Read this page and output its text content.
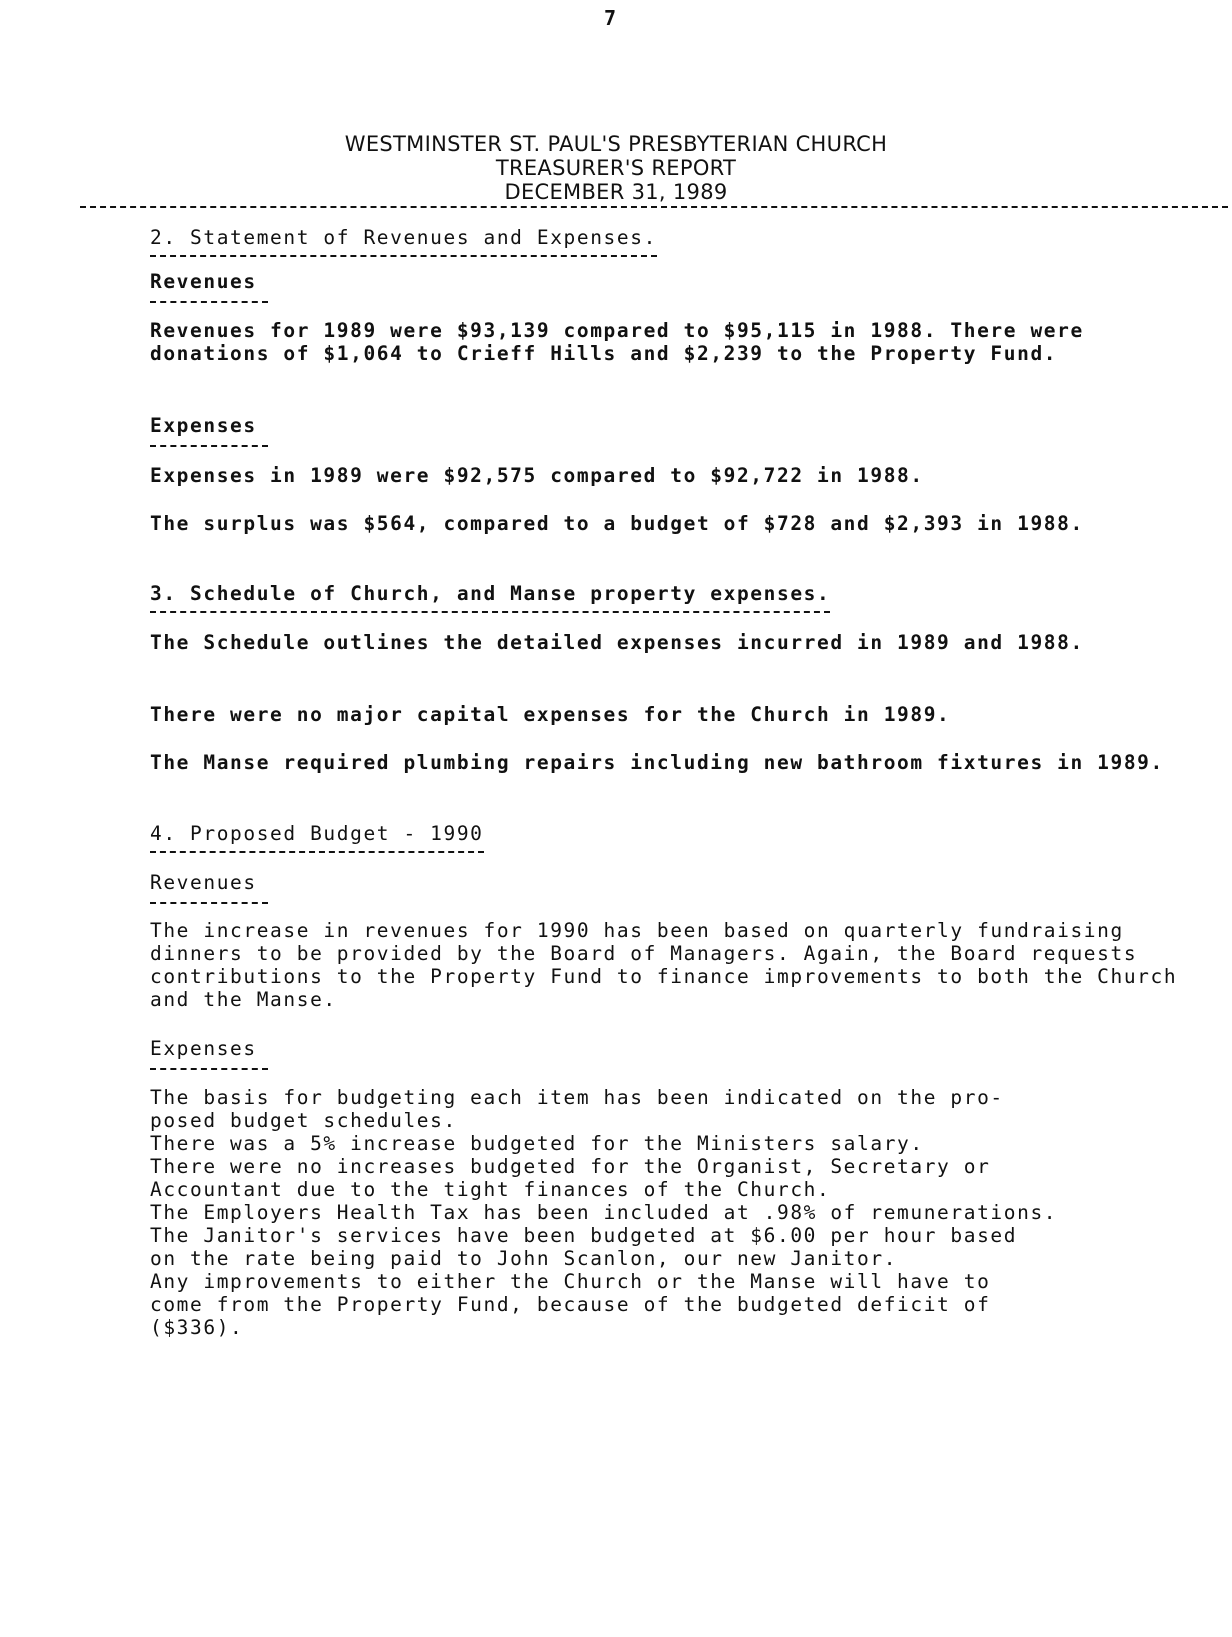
7
WESTMINSTER ST. PAUL'S PRESBYTERIAN CHURCH
TREASURER'S REPORT
DECEMBER 31, 1989
2. Statement of Revenues and Expenses.
Revenues

Revenues for 1989 were $93,139 compared to $95,115 in 1988. There were donations of $1,064 to Crieff Hills and $2,239 to the Property Fund.

Expenses

Expenses in 1989 were $92,575 compared to $92,722 in 1988.

The surplus was $564, compared to a budget of $728 and $2,393 in 1988.

3. Schedule of Church, and Manse property expenses.

The Schedule outlines the detailed expenses incurred in 1989 and 1988.

There were no major capital expenses for the Church in 1989.

The Manse required plumbing repairs including new bathroom fixtures in 1989.

4. Proposed Budget - 1990
Revenues

The increase in revenues for 1990 has been based on quarterly fundraising dinners to be provided by the Board of Managers. Again, the Board requests contributions to the Property Fund to finance improvements to both the Church and the Manse.

Expenses
The basis for budgeting each item has been indicated on the pro-
posed budget schedules.
There was a 5% increase budgeted for the Ministers salary.
There were no increases budgeted for the Organist, Secretary or
Accountant due to the tight finances of the Church.
The Employers Health Tax has been included at .98% of remunerations.
The Janitor's services have been budgeted at $6.00 per hour based
on the rate being paid to John Scanlon, our new Janitor.
Any improvements to either the Church or the Manse will have to
come from the Property Fund, because of the budgeted deficit of
($336).
